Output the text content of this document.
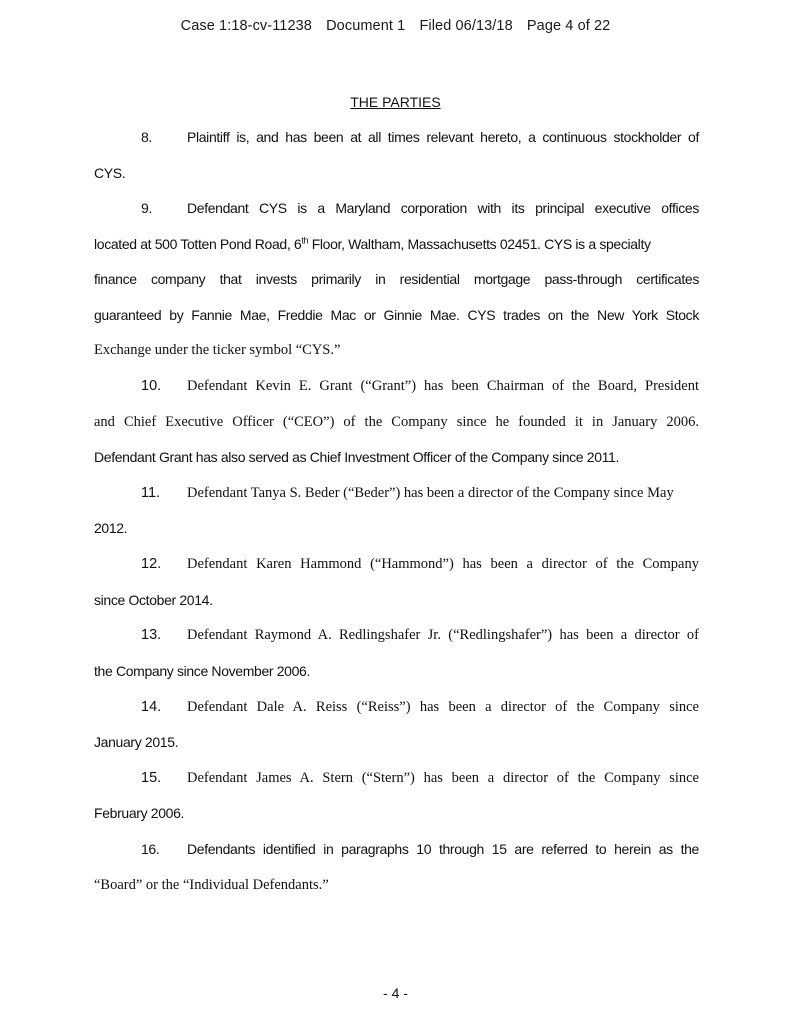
Case 1:18-cv-11238 Document 1 Filed 06/13/18 Page 4 of 22
THE PARTIES
8.	Plaintiff is, and has been at all times relevant hereto, a continuous stockholder of
CYS.
9.	Defendant CYS is a Maryland corporation with its principal executive offices
located at 500 Totten Pond Road, 6th Floor, Waltham, Massachusetts 02451. CYS is a specialty
finance company that invests primarily in residential mortgage pass-through certificates
guaranteed by Fannie Mae, Freddie Mac or Ginnie Mae. CYS trades on the New York Stock
Exchange under the ticker symbol “CYS.”
10. Defendant Kevin E. Grant (“Grant”) has been Chairman of the Board, President
and Chief Executive Officer (“CEO”) of the Company since he founded it in January 2006.
Defendant Grant has also served as Chief Investment Officer of the Company since 2011.
11. Defendant Tanya S. Beder (“Beder”) has been a director of the Company since May
2012.
12. Defendant Karen Hammond (“Hammond”) has been a director of the Company
since October 2014.
13. Defendant Raymond A. Redlingshafer Jr. (“Redlingshafer”) has been a director of
the Company since November 2006.
14. Defendant Dale A. Reiss (“Reiss”) has been a director of the Company since
January 2015.
15. Defendant James A. Stern (“Stern”) has been a director of the Company since
February 2006.
16. Defendants identified in paragraphs 10 through 15 are referred to herein as the
“Board” or the “Individual Defendants.”
- 4 -
